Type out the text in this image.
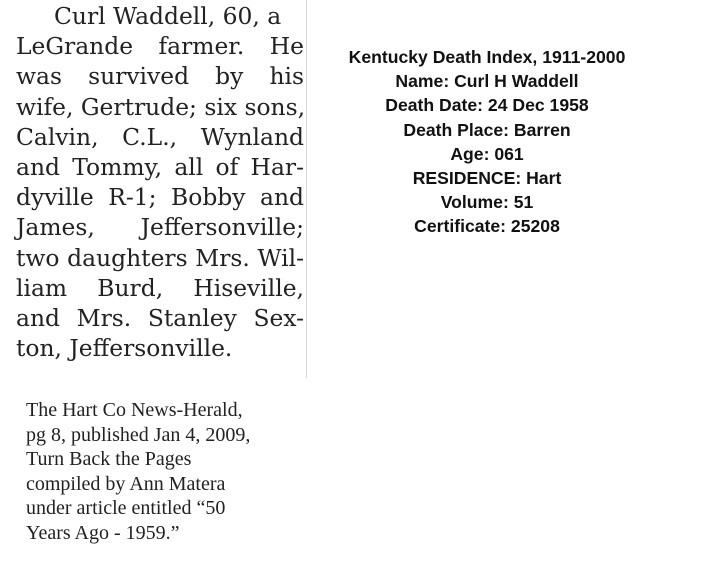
Curl Waddell, 60, a
LeGrande farmer. He
was survived by his
wife, Gertrude; six sons,
Calvin, C.L., Wynland
and Tommy, all of Har-
dyville R-1; Bobby and
James, Jeffersonville;
two daughters Mrs. Wil-
liam Burd, Hiseville,
and Mrs. Stanley Sex-
ton, Jeffersonville.
The Hart Co News-Herald,
pg 8, published Jan 4, 2009,
Turn Back the Pages
compiled by Ann Matera
under article entitled “50
Years Ago - 1959.”
Kentucky Death Index, 1911-2000
Name: Curl H Waddell
Death Date: 24 Dec 1958
Death Place: Barren
Age: 061
RESIDENCE: Hart
Volume: 51
Certificate: 25208
